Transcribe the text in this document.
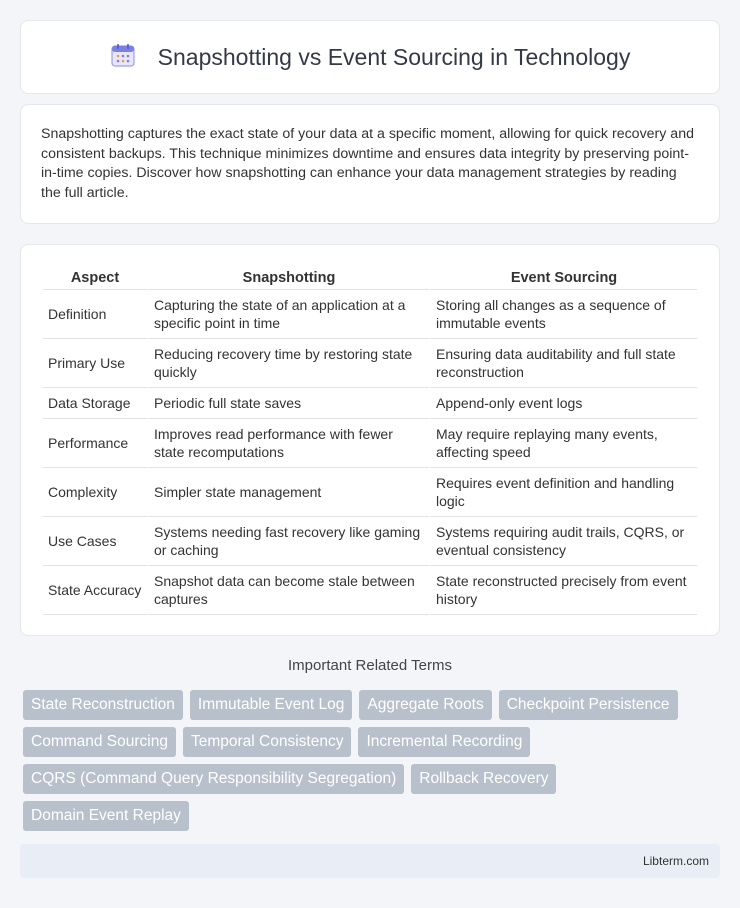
Snapshotting vs Event Sourcing in Technology

Snapshotting captures the exact state of your data at a specific moment, allowing for quick recovery and consistent backups. This technique minimizes downtime and ensures data integrity by preserving point-in-time copies. Discover how snapshotting can enhance your data management strategies by reading the full article.

Aspect	Snapshotting	Event Sourcing
Definition	Capturing the state of an application at a specific point in time	Storing all changes as a sequence of immutable events
Primary Use	Reducing recovery time by restoring state quickly	Ensuring data auditability and full state reconstruction
Data Storage	Periodic full state saves	Append-only event logs
Performance	Improves read performance with fewer state recomputations	May require replaying many events, affecting speed
Complexity	Simpler state management	Requires event definition and handling logic
Use Cases	Systems needing fast recovery like gaming or caching	Systems requiring audit trails, CQRS, or eventual consistency
State Accuracy	Snapshot data can become stale between captures	State reconstructed precisely from event history
Important Related Terms
State Reconstruction	Immutable Event Log	Aggregate Roots	Checkpoint Persistence
Command Sourcing	Temporal Consistency	Incremental Recording
CQRS (Command Query Responsibility Segregation)	Rollback Recovery
Domain Event Replay
Libterm.com
